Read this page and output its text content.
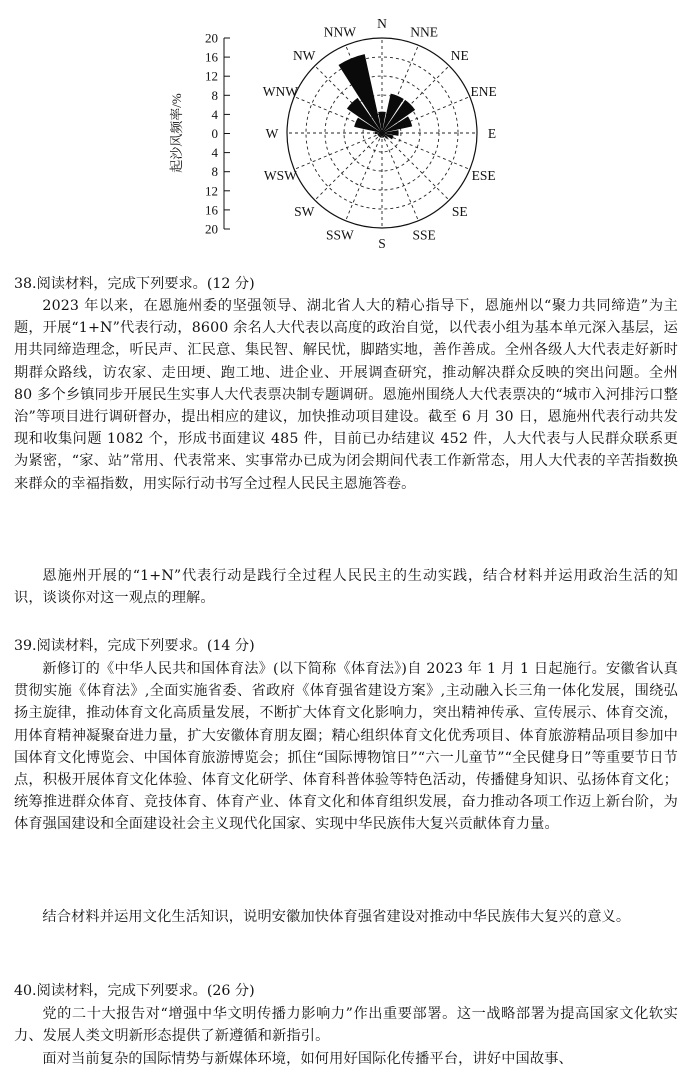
20
16
12
8
4
0
4
8
12
16
20
起沙风频率/%
N
NNE
NE
ENE
E
ESE
SE
SSE
S
SSW
SW
WSW
W
WNW
NW
NNW
38.阅读材料，完成下列要求。(12 分)

2023 年以来，在恩施州委的坚强领导、湖北省人大的精心指导下，恩施州以“聚力共同缔造”为主题，开展“1+N”代表行动，8600 余名人大代表以高度的政治自觉，以代表小组为基本单元深入基层，运用共同缔造理念，听民声、汇民意、集民智、解民忧，脚踏实地，善作善成。全州各级人大代表走好新时期群众路线，访农家、走田埂、跑工地、进企业、开展调查研究，推动解决群众反映的突出问题。全州 80 多个乡镇同步开展民生实事人大代表票决制专题调研。恩施州围绕人大代表票决的“城市入河排污口整治”等项目进行调研督办，提出相应的建议，加快推动项目建设。截至 6 月 30 日，恩施州代表行动共发现和收集问题 1082 个，形成书面建议 485 件，目前已办结建议 452 件，人大代表与人民群众联系更为紧密，“家、站”常用、代表常来、实事常办已成为闭会期间代表工作新常态，用人大代表的辛苦指数换来群众的幸福指数，用实际行动书写全过程人民民主恩施答卷。

恩施州开展的“1+N”代表行动是践行全过程人民民主的生动实践，结合材料并运用政治生活的知识，谈谈你对这一观点的理解。

39.阅读材料，完成下列要求。(14 分)

新修订的《中华人民共和国体育法》(以下简称《体育法》)自 2023 年 1 月 1 日起施行。安徽省认真贯彻实施《体育法》,全面实施省委、省政府《体育强省建设方案》,主动融入长三角一体化发展，围绕弘扬主旋律，推动体育文化高质量发展，不断扩大体育文化影响力，突出精神传承、宣传展示、体育交流，用体育精神凝聚奋进力量，扩大安徽体育朋友圈；精心组织体育文化优秀项目、体育旅游精品项目参加中国体育文化博览会、中国体育旅游博览会；抓住“国际博物馆日”“六一儿童节”“全民健身日”等重要节日节点，积极开展体育文化体验、体育文化研学、体育科普体验等特色活动，传播健身知识、弘扬体育文化；统筹推进群众体育、竞技体育、体育产业、体育文化和体育组织发展，奋力推动各项工作迈上新台阶，为体育强国建设和全面建设社会主义现代化国家、实现中华民族伟大复兴贡献体育力量。

结合材料并运用文化生活知识，说明安徽加快体育强省建设对推动中华民族伟大复兴的意义。

40.阅读材料，完成下列要求。(26 分)

党的二十大报告对“增强中华文明传播力影响力”作出重要部署。这一战略部署为提高国家文化软实力、发展人类文明新形态提供了新遵循和新指引。

面对当前复杂的国际情势与新媒体环境，如何用好国际化传播平台，讲好中国故事、
